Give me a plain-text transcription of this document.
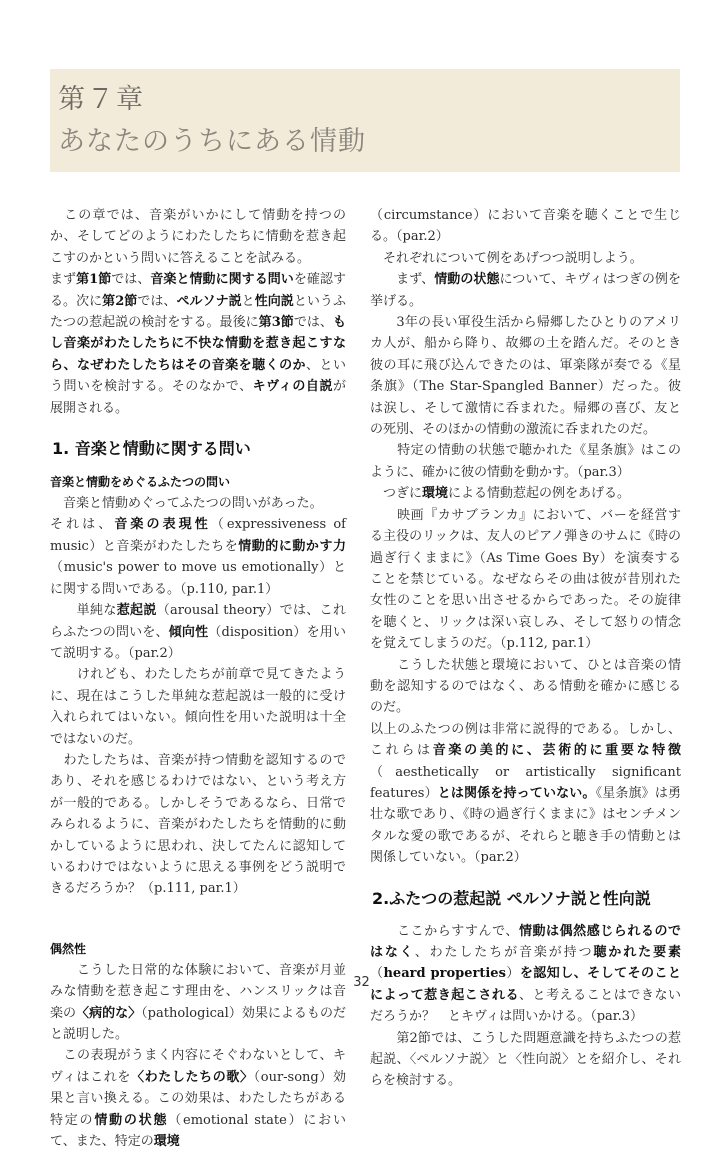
第７章
あなたのうちにある情動

　この章では、音楽がいかにして情動を持つのか、そしてどのようにわたしたちに情動を惹き起こすのかという問いに答えることを試みる。

まず第1節では、音楽と情動に関する問いを確認する。次に第2節では、ペルソナ説と性向説というふたつの惹起説の検討をする。最後に第3節では、もし音楽がわたしたちに不快な情動を惹き起こすなら、なぜわたしたちはその音楽を聴くのか、という問いを検討する。そのなかで、キヴィの自説が展開される。

1. 音楽と情動に関する問い
音楽と情動をめぐるふたつの問い

　音楽と情動めぐってふたつの問いがあった。

それは、音楽の表現性（expressiveness of music）と音楽がわたしたちを情動的に動かす力（music's power to move us emotionally）とに関する問いである。（p.110, par.1）

　　単純な惹起説（arousal theory）では、これらふたつの問いを、傾向性（disposition）を用いて説明する。（par.2）

　　けれども、わたしたちが前章で見てきたように、現在はこうした単純な惹起説は一般的に受け入れられてはいない。傾向性を用いた説明は十全ではないのだ。

　わたしたちは、音楽が持つ情動を認知するのであり、それを感じるわけではない、という考え方が一般的である。しかしそうであるなら、日常でみられるように、音楽がわたしたちを情動的に動かしているように思われ、決してたんに認知しているわけではないように思える事例をどう説明できるだろうか？（p.111, par.1）

偶然性

　　こうした日常的な体験において、音楽が月並みな情動を惹き起こす理由を、ハンスリックは音楽の〈病的な〉（pathological）効果によるものだと説明した。

　この表現がうまく内容にそぐわないとして、キヴィはこれを〈わたしたちの歌〉（our-song）効果と言い換える。この効果は、わたしたちがある特定の情動の状態（emotional state）において、また、特定の環境

（circumstance）において音楽を聴くことで生じる。（par.2）

　それぞれについて例をあげつつ説明しよう。

　　まず、情動の状態について、キヴィはつぎの例を挙げる。

　　3年の長い軍役生活から帰郷したひとりのアメリカ人が、船から降り、故郷の土を踏んだ。そのとき彼の耳に飛び込んできたのは、軍楽隊が奏でる《星条旗》（The Star-Spangled Banner）だった。彼は涙し、そして激情に呑まれた。帰郷の喜び、友との死別、そのほかの情動の激流に呑まれたのだ。

　　特定の情動の状態で聴かれた《星条旗》はこのように、確かに彼の情動を動かす。（par.3）

　つぎに環境による情動惹起の例をあげる。

　　映画『カサブランカ』において、バーを経営する主役のリックは、友人のピアノ弾きのサムに《時の過ぎ行くままに》（As Time Goes By）を演奏することを禁じている。なぜならその曲は彼が昔別れた女性のことを思い出させるからであった。その旋律を聴くと、リックは深い哀しみ、そして怒りの情念を覚えてしまうのだ。（p.112, par.1）

　　こうした状態と環境において、ひとは音楽の情動を認知するのではなく、ある情動を確かに感じるのだ。

以上のふたつの例は非常に説得的である。しかし、これらは音楽の美的に、芸術的に重要な特徴（aesthetically or artistically significant features）とは関係を持っていない。《星条旗》は勇壮な歌であり、《時の過ぎ行くままに》はセンチメンタルな愛の歌であるが、それらと聴き手の情動とは関係していない。（par.2）

2.ふたつの惹起説 ペルソナ説と性向説

　　ここからすすんで、情動は偶然感じられるのではなく、わたしたちが音楽が持つ聴かれた要素（heard properties）を認知し、そしてそのことによって惹き起こされる、と考えることはできないだろうか？　とキヴィは問いかける。（par.3）

　　第2節では、こうした問題意識を持ちふたつの惹起説、〈ペルソナ説〉と〈性向説〉とを紹介し、それらを検討する。

32
